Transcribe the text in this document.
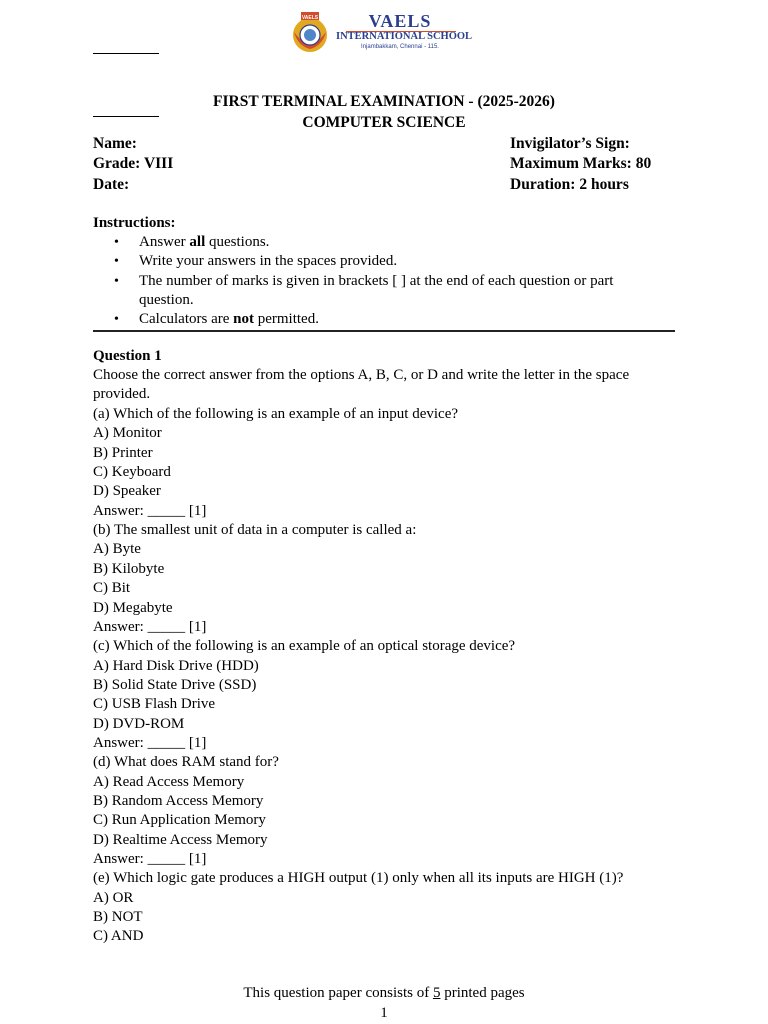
VAELS	VAELS
INTERNATIONAL SCHOOL
Injambakkam, Chennai - 115.
FIRST TERMINAL EXAMINATION - (2025-2026)
COMPUTER SCIENCE
Name:
Grade: VIII
Date:
Invigilator’s Sign:
Maximum Marks: 80
Duration: 2 hours
Instructions:
• Answer all questions.
• Write your answers in the spaces provided.
• The number of marks is given in brackets [ ] at the end of each question or part
question.
• Calculators are not permitted.
Question 1
Choose the correct answer from the options A, B, C, or D and write the letter in the space
provided.
(a) Which of the following is an example of an input device?
A) Monitor
B) Printer
C) Keyboard
D) Speaker
Answer: _____ [1]
(b) The smallest unit of data in a computer is called a:
A) Byte
B) Kilobyte
C) Bit
D) Megabyte
Answer: _____ [1]
(c) Which of the following is an example of an optical storage device?
A) Hard Disk Drive (HDD)
B) Solid State Drive (SSD)
C) USB Flash Drive
D) DVD-ROM
Answer: _____ [1]
(d) What does RAM stand for?
A) Read Access Memory
B) Random Access Memory
C) Run Application Memory
D) Realtime Access Memory
Answer: _____ [1]
(e) Which logic gate produces a HIGH output (1) only when all its inputs are HIGH (1)?
A) OR
B) NOT
C) AND
This question paper consists of 5 printed pages
1
